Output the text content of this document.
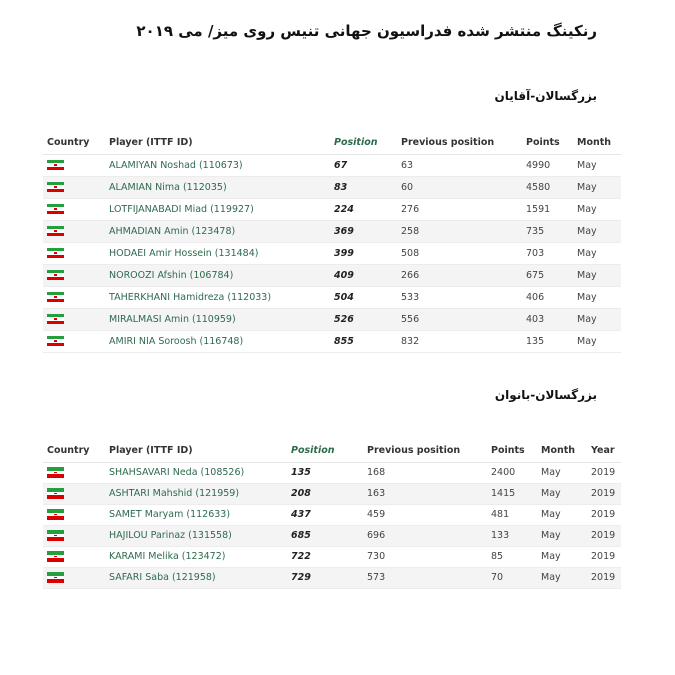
رنکینگ منتشر شده فدراسیون جهانی تنیس روی میز/ می ۲۰۱۹
بزرگسالان-آقایان
Country	Player (ITTF ID)	Position	Previous position	Points	Month

	ALAMIYAN Noshad (110673)	67	63	4990	May

	ALAMIAN Nima (112035)	83	60	4580	May

	LOTFIJANABADI Miad (119927)	224	276	1591	May

	AHMADIAN Amin (123478)	369	258	735	May

	HODAEI Amir Hossein (131484)	399	508	703	May

	NOROOZI Afshin (106784)	409	266	675	May

	TAHERKHANI Hamidreza (112033)	504	533	406	May

	MIRALMASI Amin (110959)	526	556	403	May

	AMIRI NIA Soroosh (116748)	855	832	135	May
بزرگسالان-بانوان
Country	Player (ITTF ID)	Position	Previous position	Points	Month	Year

	SHAHSAVARI Neda (108526)	135	168	2400	May	2019

	ASHTARI Mahshid (121959)	208	163	1415	May	2019

	SAMET Maryam (112633)	437	459	481	May	2019

	HAJILOU Parinaz (131558)	685	696	133	May	2019

	KARAMI Melika (123472)	722	730	85	May	2019

	SAFARI Saba (121958)	729	573	70	May	2019
